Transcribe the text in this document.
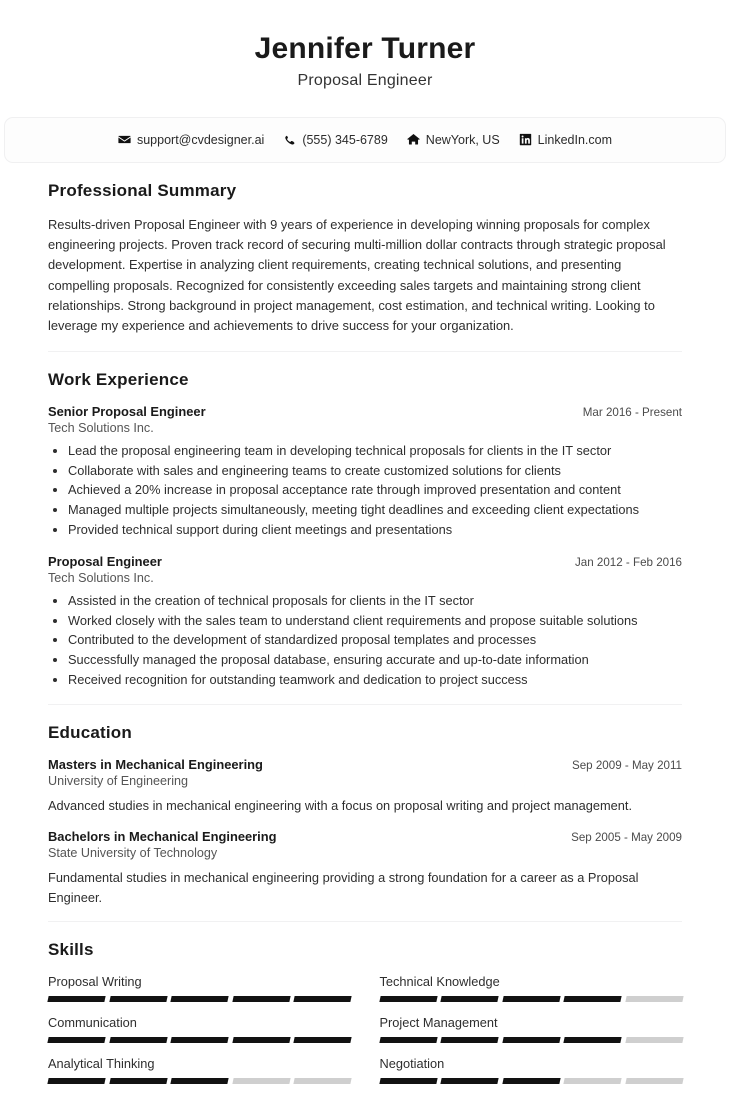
Jennifer Turner
Proposal Engineer
support@cvdesigner.ai	(555) 345-6789	NewYork, US	LinkedIn.com
Professional Summary

Results-driven Proposal Engineer with 9 years of experience in developing winning proposals for complex engineering projects. Proven track record of securing multi-million dollar contracts through strategic proposal development. Expertise in analyzing client requirements, creating technical solutions, and presenting compelling proposals. Recognized for consistently exceeding sales targets and maintaining strong client relationships. Strong background in project management, cost estimation, and technical writing. Looking to leverage my experience and achievements to drive success for your organization.

Work Experience
Senior Proposal Engineer	Mar 2016 - Present
Tech Solutions Inc.
• Lead the proposal engineering team in developing technical proposals for clients in the IT sector
• Collaborate with sales and engineering teams to create customized solutions for clients
• Achieved a 20% increase in proposal acceptance rate through improved presentation and content
• Managed multiple projects simultaneously, meeting tight deadlines and exceeding client expectations
• Provided technical support during client meetings and presentations
Proposal Engineer	Jan 2012 - Feb 2016
Tech Solutions Inc.
• Assisted in the creation of technical proposals for clients in the IT sector
• Worked closely with the sales team to understand client requirements and propose suitable solutions
• Contributed to the development of standardized proposal templates and processes
• Successfully managed the proposal database, ensuring accurate and up-to-date information
• Received recognition for outstanding teamwork and dedication to project success
Education
Masters in Mechanical Engineering	Sep 2009 - May 2011
University of Engineering
Advanced studies in mechanical engineering with a focus on proposal writing and project management.
Bachelors in Mechanical Engineering	Sep 2005 - May 2009
State University of Technology
Fundamental studies in mechanical engineering providing a strong foundation for a career as a Proposal Engineer.
Skills
Proposal Writing	Technical Knowledge
Communication	Project Management
Analytical Thinking	Negotiation
